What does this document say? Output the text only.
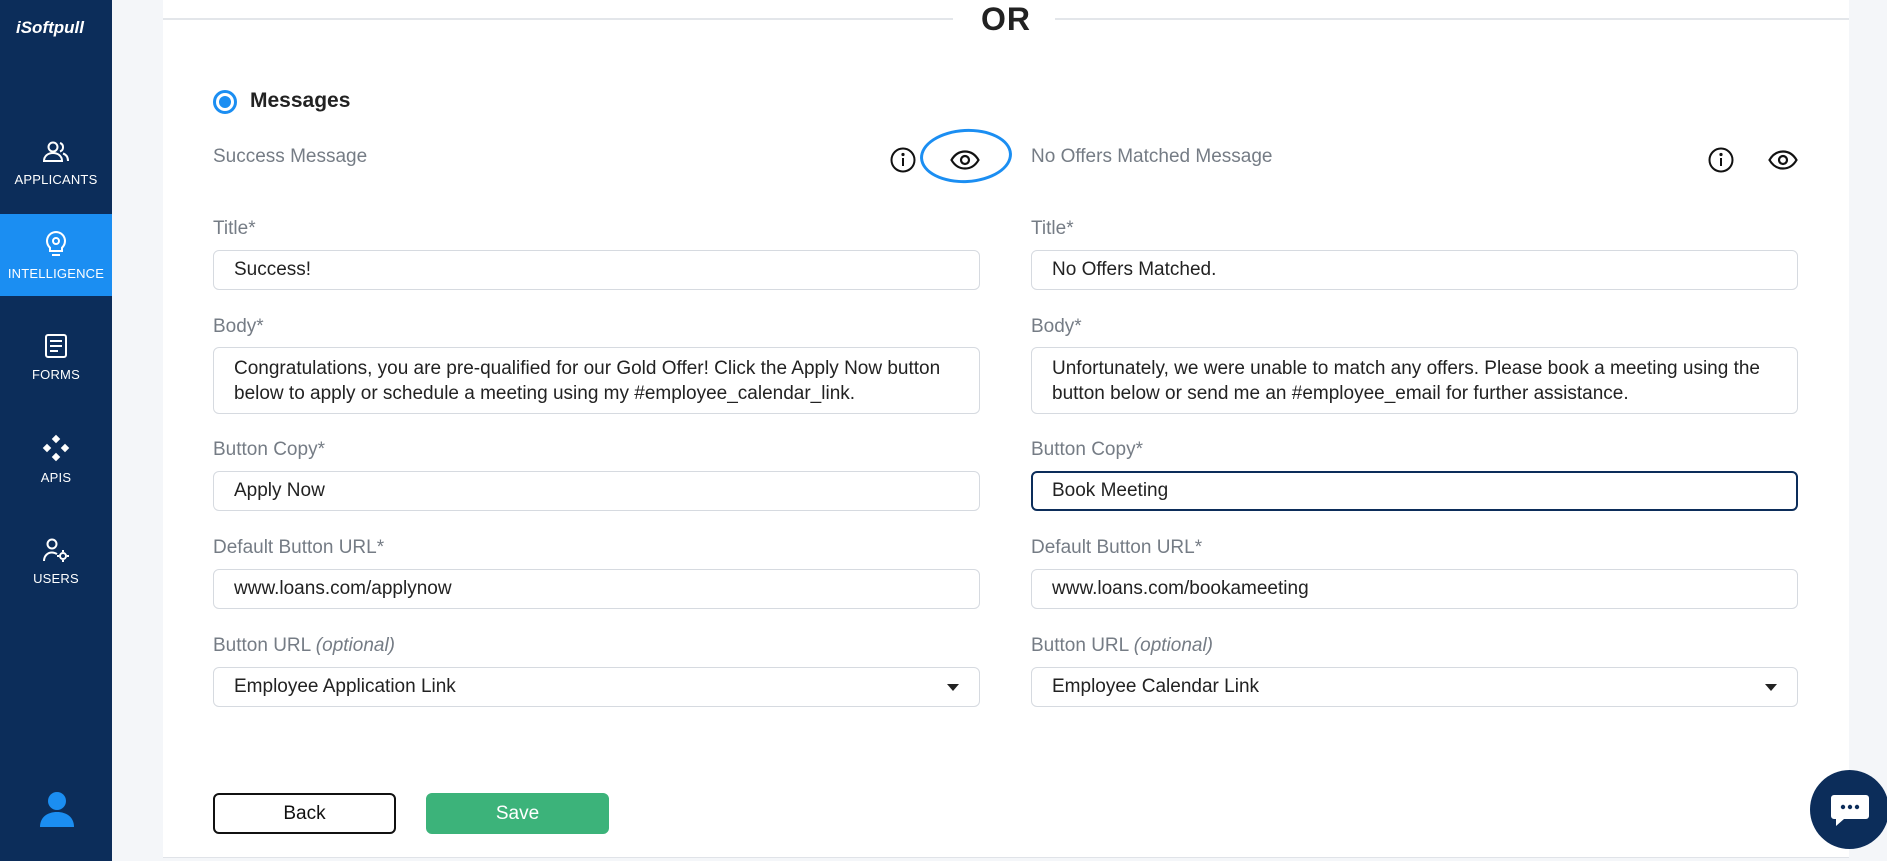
iSoftpull
APPLICANTS
INTELLIGENCE
FORMS
APIS
USERS
OR
Messages
Success Message
Title*
Success!
Body*
Congratulations, you are pre-qualified for our Gold Offer! Click the Apply Now button below to apply or schedule a meeting using my #employee_calendar_link.
Button Copy*
Apply Now
Default Button URL*
www.loans.com/applynow
Button URL (optional)
Employee Application Link
No Offers Matched Message
Title*
No Offers Matched.
Body*
Unfortunately, we were unable to match any offers. Please book a meeting using the button below or send me an #employee_email for further assistance.
Button Copy*
Book Meeting
Default Button URL*
www.loans.com/bookameeting
Button URL (optional)
Employee Calendar Link
Back	Save
